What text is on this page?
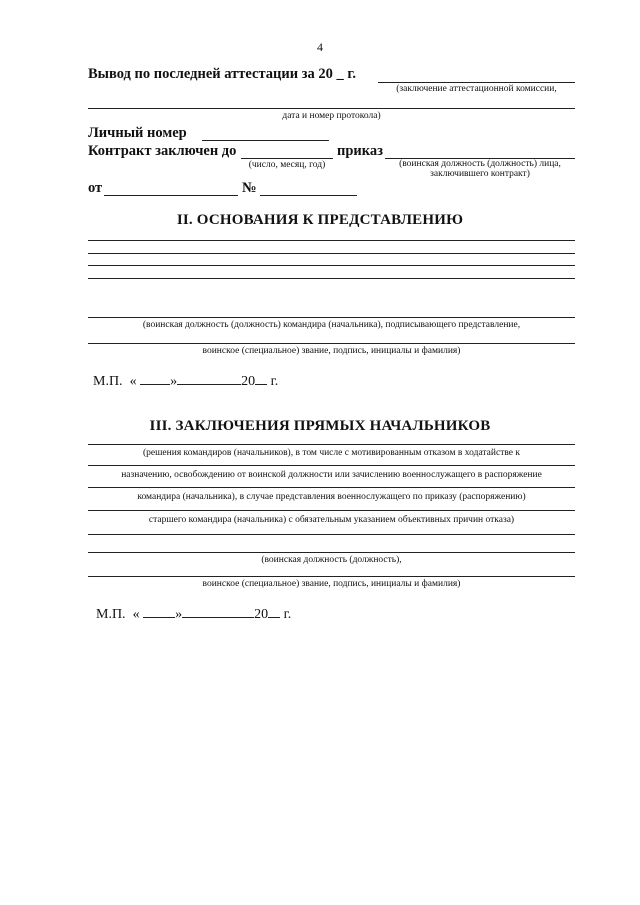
4
Вывод по последней аттестации за 20 _ г.
(заключение аттестационной комиссии,
дата и номер протокола)
Личный номер
Контракт заключен до
(число, месяц, год)
приказ
(воинская должность (должность) лица,
заключившего контракт)
от	№
II. ОСНОВАНИЯ К ПРЕДСТАВЛЕНИЮ
(воинская должность (должность) командира (начальника), подписывающего представление,
воинское (специальное) звание, подпись, инициалы и фамилия)
М.П. « »	20 г.
III. ЗАКЛЮЧЕНИЯ ПРЯМЫХ НАЧАЛЬНИКОВ
(решения командиров (начальников), в том числе с мотивированным отказом в ходатайстве к
назначению, освобождению от воинской должности или зачислению военнослужащего в распоряжение
командира (начальника), в случае представления военнослужащего по приказу (распоряжению)
старшего командира (начальника) с обязательным указанием объективных причин отказа)
(воинская должность (должность),
воинское (специальное) звание, подпись, инициалы и фамилия)
М.П. «	»	20 г.
